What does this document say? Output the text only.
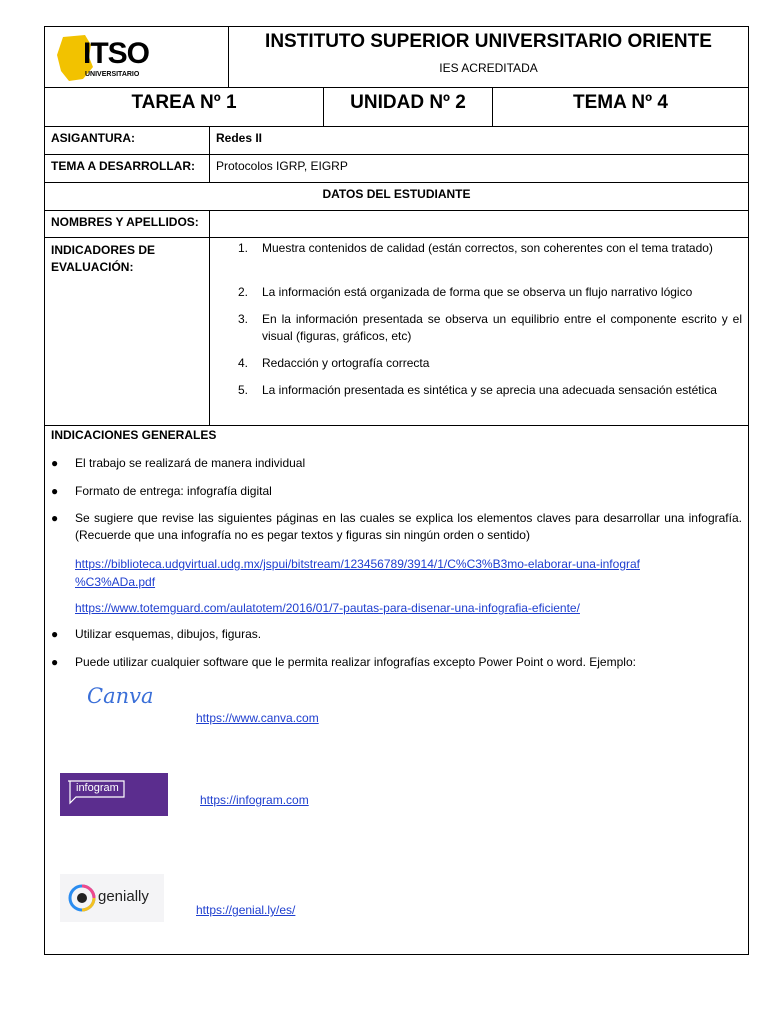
ITSO
UNIVERSITARIO
INSTITUTO SUPERIOR UNIVERSITARIO ORIENTE
IES ACREDITADA
TAREA Nº 1	UNIDAD Nº 2	TEMA Nº 4
ASIGANTURA:	Redes II
TEMA A DESARROLLAR:	Protocolos IGRP, EIGRP
DATOS DEL ESTUDIANTE
NOMBRES Y APELLIDOS:
INDICADORES DE EVALUACIÓN:
1. Muestra contenidos de calidad (están correctos, son coherentes con el tema tratado)
2. La información está organizada de forma que se observa un flujo narrativo lógico
3. En la información presentada se observa un equilibrio entre el componente escrito y el visual (figuras, gráficos, etc)
4. Redacción y ortografía correcta
5. La información presentada es sintética y se aprecia una adecuada sensación estética
INDICACIONES GENERALES
● El trabajo se realizará de manera individual
● Formato de entrega: infografía digital
● Se sugiere que revise las siguientes páginas en las cuales se explica los elementos claves para desarrollar una infografía. (Recuerde que una infografía no es pegar textos y figuras sin ningún orden o sentido)
https://biblioteca.udgvirtual.udg.mx/jspui/bitstream/123456789/3914/1/C%C3%B3mo-elaborar-una-infograf
%C3%ADa.pdf
https://www.totemguard.com/aulatotem/2016/01/7-pautas-para-disenar-una-infografia-eficiente/
● Utilizar esquemas, dibujos, figuras.
● Puede utilizar cualquier software que le permita realizar infografías excepto Power Point o word. Ejemplo:
Canva
https://www.canva.com
infogram
https://infogram.com
genially
https://genial.ly/es/
